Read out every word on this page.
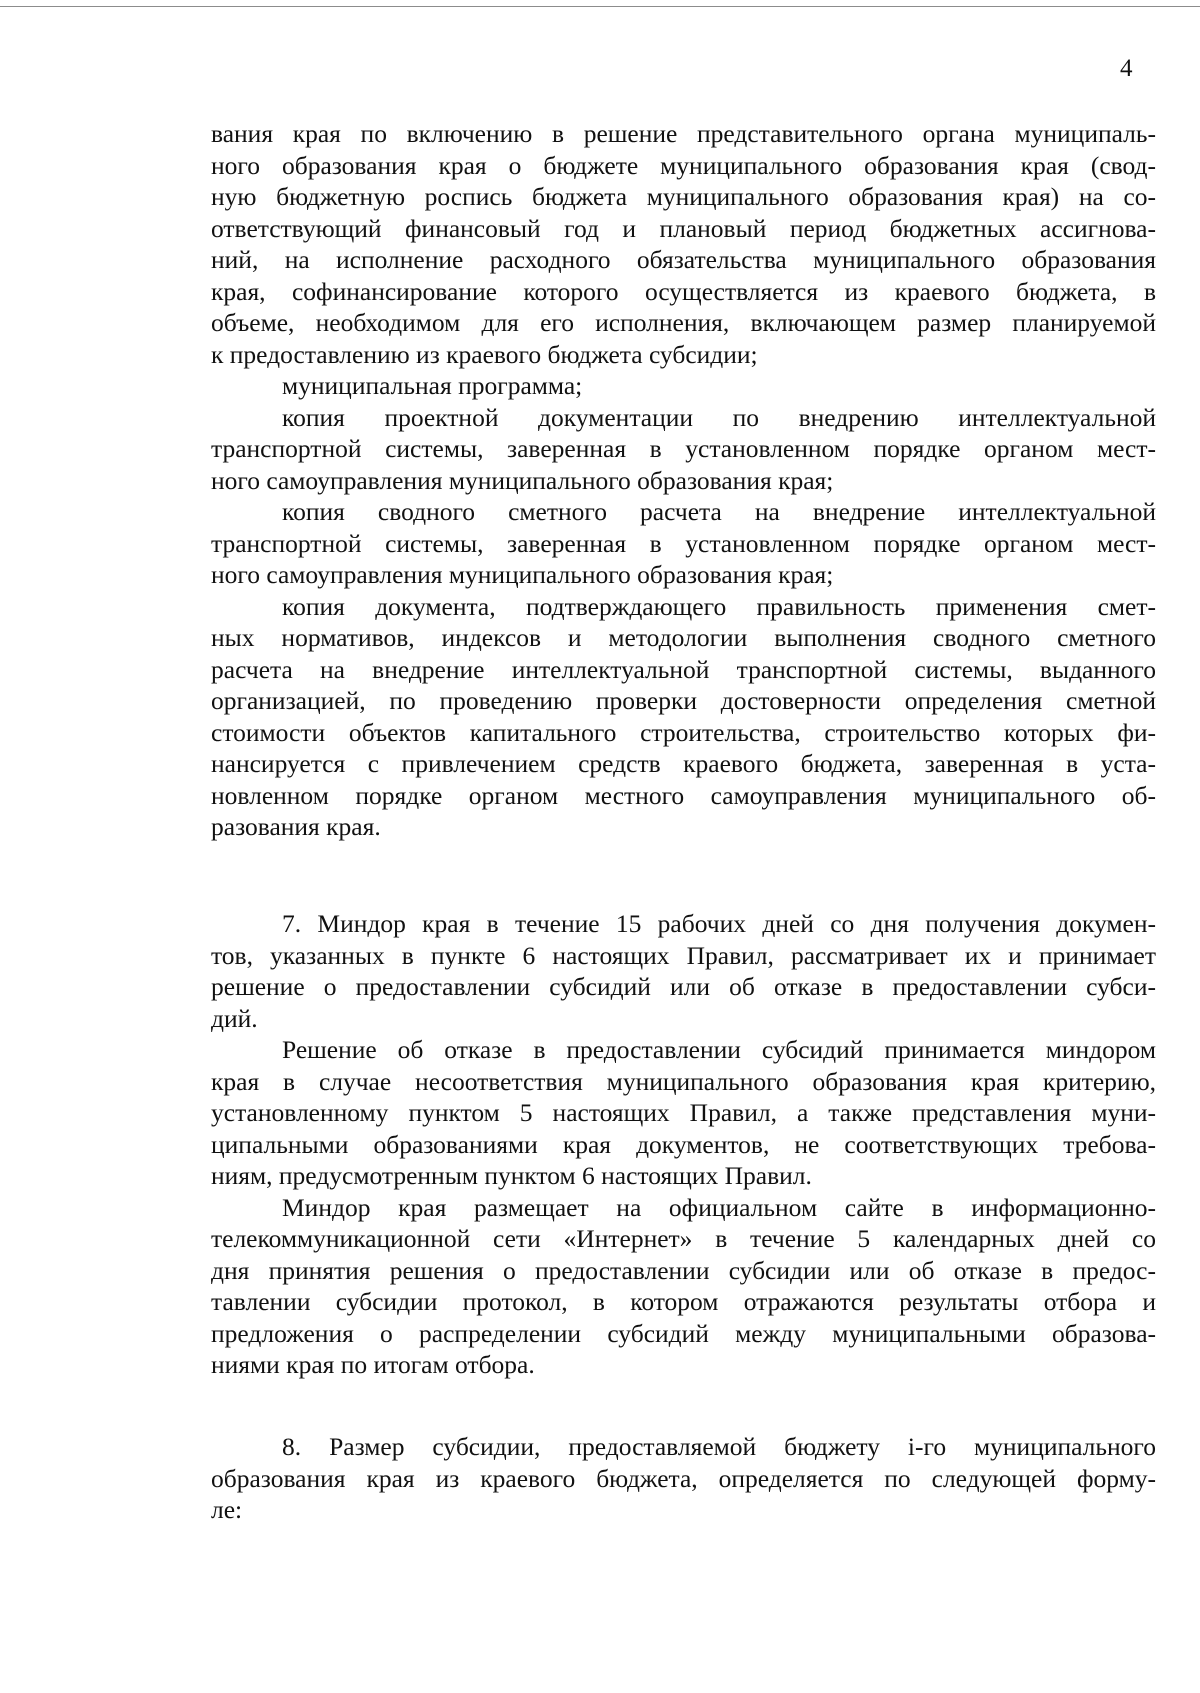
4
вания края по включению в решение представительного органа муниципаль-
ного образования края о бюджете муниципального образования края (свод-
ную бюджетную роспись бюджета муниципального образования края) на со-
ответствующий финансовый год и плановый период бюджетных ассигнова-
ний, на исполнение расходного обязательства муниципального образования
края, софинансирование которого осуществляется из краевого бюджета, в
объеме, необходимом для его исполнения, включающем размер планируемой
к предоставлению из краевого бюджета субсидии;
муниципальная программа;
копия проектной документации по внедрению интеллектуальной
транспортной системы, заверенная в установленном порядке органом мест-
ного самоуправления муниципального образования края;
копия сводного сметного расчета на внедрение интеллектуальной
транспортной системы, заверенная в установленном порядке органом мест-
ного самоуправления муниципального образования края;
копия документа, подтверждающего правильность применения смет-
ных нормативов, индексов и методологии выполнения сводного сметного
расчета на внедрение интеллектуальной транспортной системы, выданного
организацией, по проведению проверки достоверности определения сметной
стоимости объектов капитального строительства, строительство которых фи-
нансируется с привлечением средств краевого бюджета, заверенная в уста-
новленном порядке органом местного самоуправления муниципального об-
разования края.
7. Миндор края в течение 15 рабочих дней со дня получения докумен-
тов, указанных в пункте 6 настоящих Правил, рассматривает их и принимает
решение о предоставлении субсидий или об отказе в предоставлении субси-
дий.
Решение об отказе в предоставлении субсидий принимается миндором
края в случае несоответствия муниципального образования края критерию,
установленному пунктом 5 настоящих Правил, а также представления муни-
ципальными образованиями края документов, не соответствующих требова-
ниям, предусмотренным пунктом 6 настоящих Правил.
Миндор края размещает на официальном сайте в информационно-
телекоммуникационной сети «Интернет» в течение 5 календарных дней со
дня принятия решения о предоставлении субсидии или об отказе в предос-
тавлении субсидии протокол, в котором отражаются результаты отбора и
предложения о распределении субсидий между муниципальными образова-
ниями края по итогам отбора.
8. Размер субсидии, предоставляемой бюджету i-го муниципального
образования края из краевого бюджета, определяется по следующей форму-
ле:
